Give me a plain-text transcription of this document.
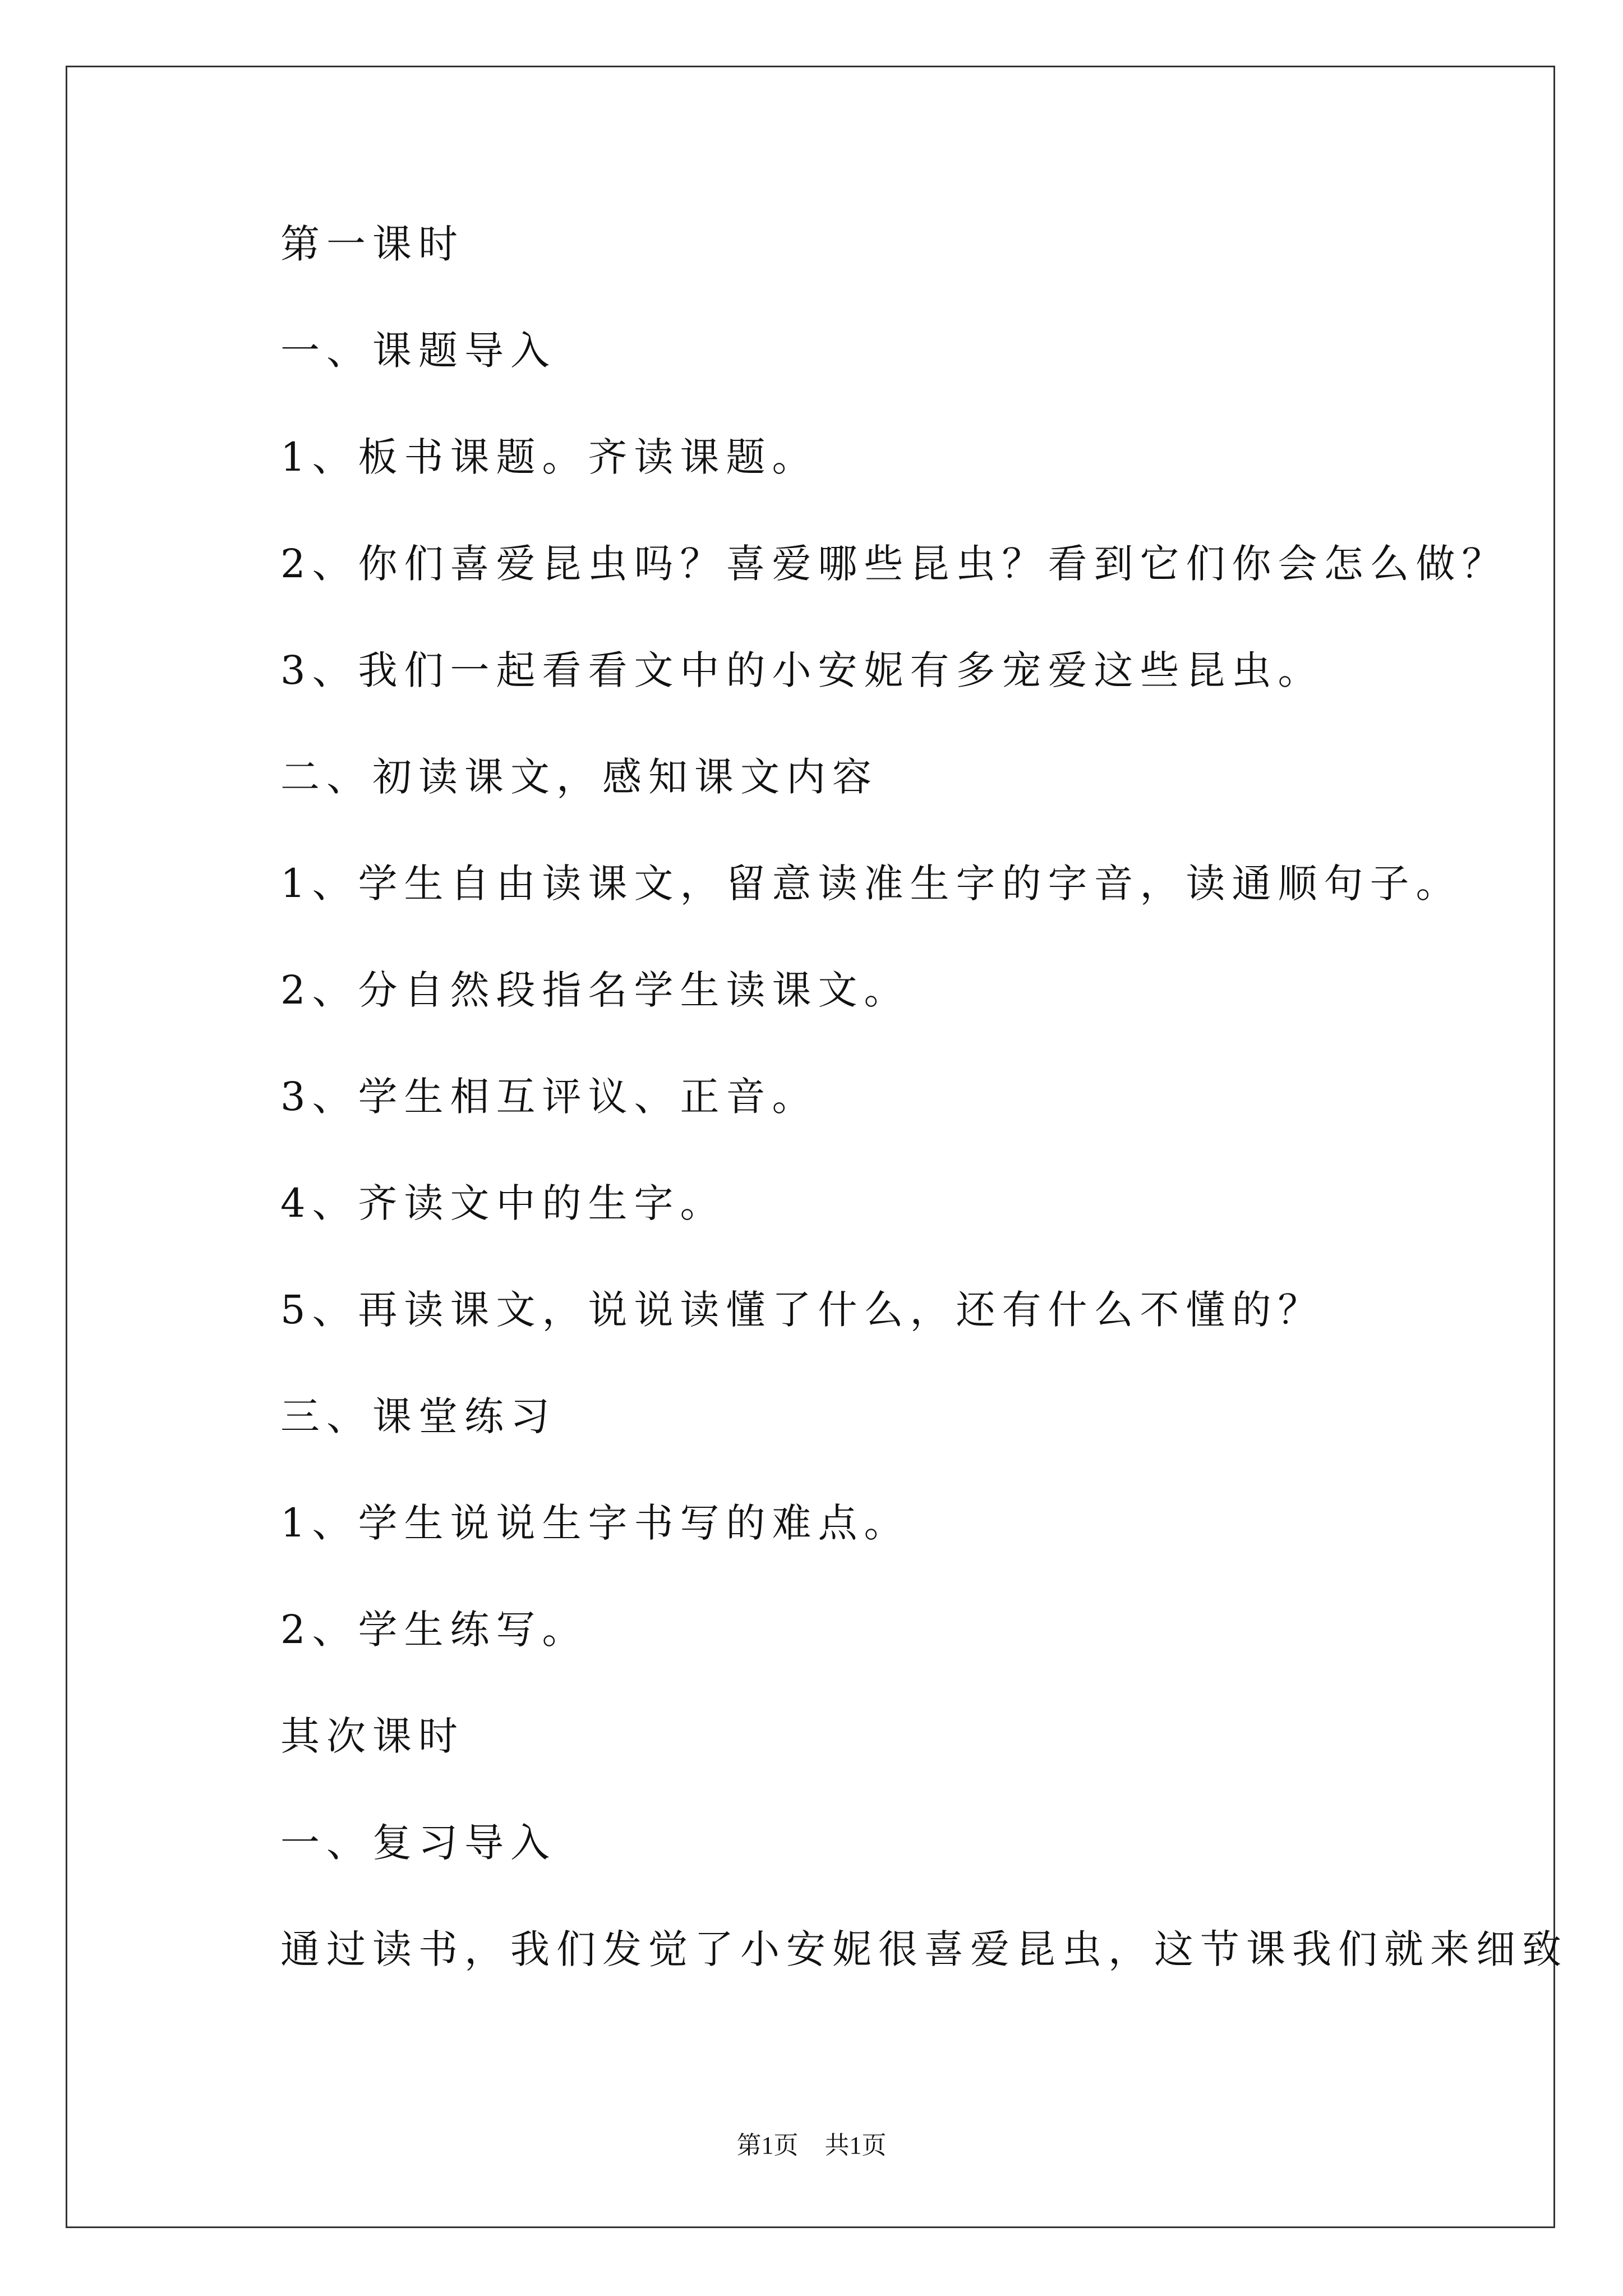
第一课时
一、课题导入
1、板书课题。齐读课题。
2、你们喜爱昆虫吗？喜爱哪些昆虫？看到它们你会怎么做？
3、我们一起看看文中的小安妮有多宠爱这些昆虫。
二、初读课文，感知课文内容
1、学生自由读课文，留意读准生字的字音，读通顺句子。
2、分自然段指名学生读课文。
3、学生相互评议、正音。
4、齐读文中的生字。
5、再读课文，说说读懂了什么，还有什么不懂的？
三、课堂练习
1、学生说说生字书写的难点。
2、学生练写。
其次课时
一、复习导入
通过读书，我们发觉了小安妮很喜爱昆虫，这节课我们就来细致
第1页 共1页
